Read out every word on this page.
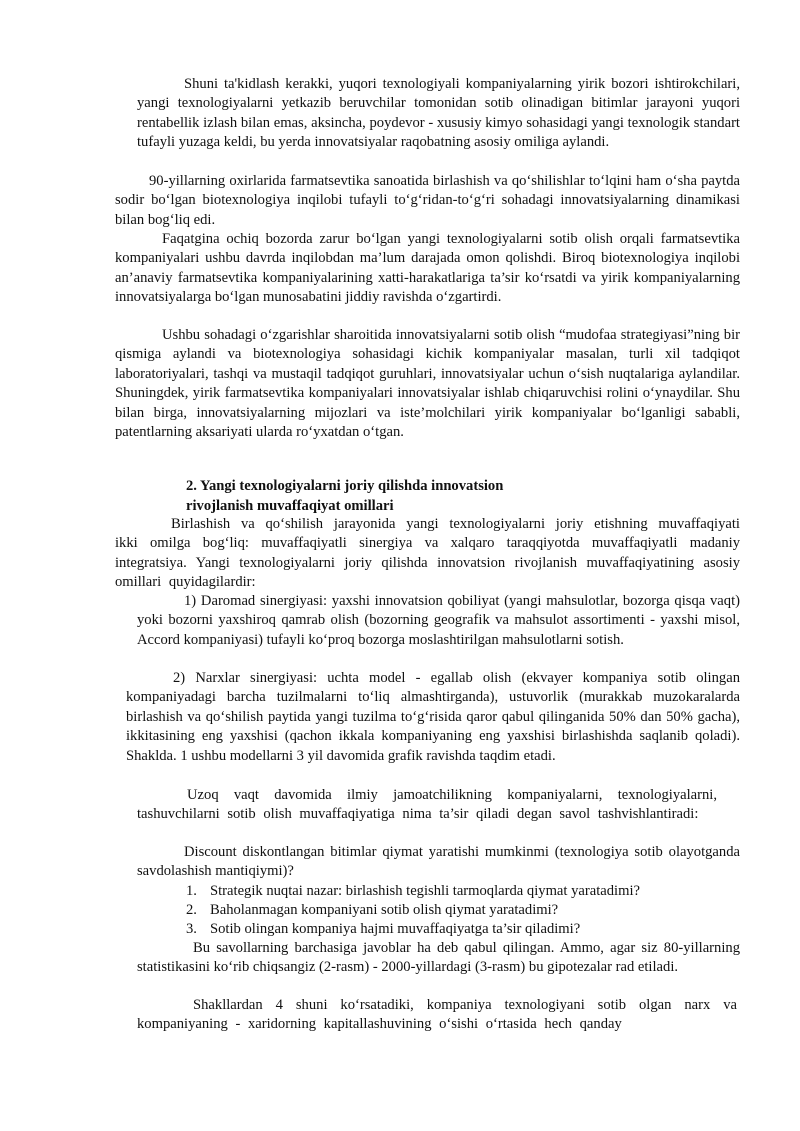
Shuni ta'kidlash kerakki, yuqori texnologiyali kompaniyalarning yirik bozori ishtirokchilari, yangi texnologiyalarni yetkazib beruvchilar tomonidan sotib olinadigan bitimlar jarayoni yuqori rentabellik izlash bilan emas, aksincha, poydevor - xususiy kimyo sohasidagi yangi texnologik standart tufayli yuzaga keldi, bu yerda innovatsiyalar raqobatning asosiy omiliga aylandi.

90-yillarning oxirlarida farmatsevtika sanoatida birlashish va qo‘shilishlar to‘lqini ham o‘sha paytda sodir bo‘lgan biotexnologiya inqilobi tufayli to‘g‘ridan-to‘g‘ri sohadagi innovatsiyalarning dinamikasi bilan bog‘liq edi.

Faqatgina ochiq bozorda zarur bo‘lgan yangi texnologiyalarni sotib olish orqali farmatsevtika kompaniyalari ushbu davrda inqilobdan ma’lum darajada omon qolishdi. Biroq biotexnologiya inqilobi an’anaviy farmatsevtika kompaniyalarining xatti-harakatlariga ta’sir ko‘rsatdi va yirik kompaniyalarning innovatsiyalarga bo‘lgan munosabatini jiddiy ravishda o‘zgartirdi.

Ushbu sohadagi o‘zgarishlar sharoitida innovatsiyalarni sotib olish “mudofaa strategiyasi”ning bir qismiga aylandi va biotexnologiya sohasidagi kichik kompaniyalar masalan, turli xil tadqiqot laboratoriyalari, tashqi va mustaqil tadqiqot guruhlari, innovatsiyalar uchun o‘sish nuqtalariga aylandilar. Shuningdek, yirik farmatsevtika kompaniyalari innovatsiyalar ishlab chiqaruvchisi rolini o‘ynaydilar. Shu bilan birga, innovatsiyalarning mijozlari va iste’molchilari yirik kompaniyalar bo‘lganligi sababli, patentlarning aksariyati ularda ro‘yxatdan o‘tgan.

2. Yangi texnologiyalarni joriy qilishda innovatsion
rivojlanish muvaffaqiyat omillari

Birlashish va qo‘shilish jarayonida yangi texnologiyalarni joriy etishning muvaffaqiyati ikki omilga bog‘liq: muvaffaqiyatli sinergiya va xalqaro taraqqiyotda muvaffaqiyatli madaniy integratsiya. Yangi texnologiyalarni joriy qilishda innovatsion rivojlanish muvaffaqiyatining asosiy omillari quyidagilardir:

1) Daromad sinergiyasi: yaxshi innovatsion qobiliyat (yangi mahsulotlar, bozorga qisqa vaqt) yoki bozorni yaxshiroq qamrab olish (bozorning geografik va mahsulot assortimenti - yaxshi misol, Accord kompaniyasi) tufayli ko‘proq bozorga moslashtirilgan mahsulotlarni sotish.

2) Narxlar sinergiyasi: uchta model - egallab olish (ekvayer kompaniya sotib olingan kompaniyadagi barcha tuzilmalarni to‘liq almashtirganda), ustuvorlik (murakkab muzokaralarda birlashish va qo‘shilish paytida yangi tuzilma to‘g‘risida qaror qabul qilinganida 50% dan 50% gacha), ikkitasining eng yaxshisi (qachon ikkala kompaniyaning eng yaxshisi birlashishda saqlanib qoladi). Shaklda. 1 ushbu modellarni 3 yil davomida grafik ravishda taqdim etadi.

Uzoq vaqt davomida ilmiy jamoatchilikning kompaniyalarni, texnologiyalarni, tashuvchilarni sotib olish muvaffaqiyatiga nima ta’sir qiladi degan savol tashvishlantiradi:

Discount diskontlangan bitimlar qiymat yaratishi mumkinmi (texnologiya sotib olayotganda savdolashish mantiqiymi)?

1. Strategik nuqtai nazar: birlashish tegishli tarmoqlarda qiymat yaratadimi?
2. Baholanmagan kompaniyani sotib olish qiymat yaratadimi?
3. Sotib olingan kompaniya hajmi muvaffaqiyatga ta’sir qiladimi?

Bu savollarning barchasiga javoblar ha deb qabul qilingan. Ammo, agar siz 80-yillarning statistikasini ko‘rib chiqsangiz (2-rasm) - 2000-yillardagi (3-rasm) bu gipotezalar rad etiladi.

Shakllardan 4 shuni ko‘rsatadiki, kompaniya texnologiyani sotib olgan narx va kompaniyaning - xaridorning kapitallashuvining o‘sishi o‘rtasida hech qanday
